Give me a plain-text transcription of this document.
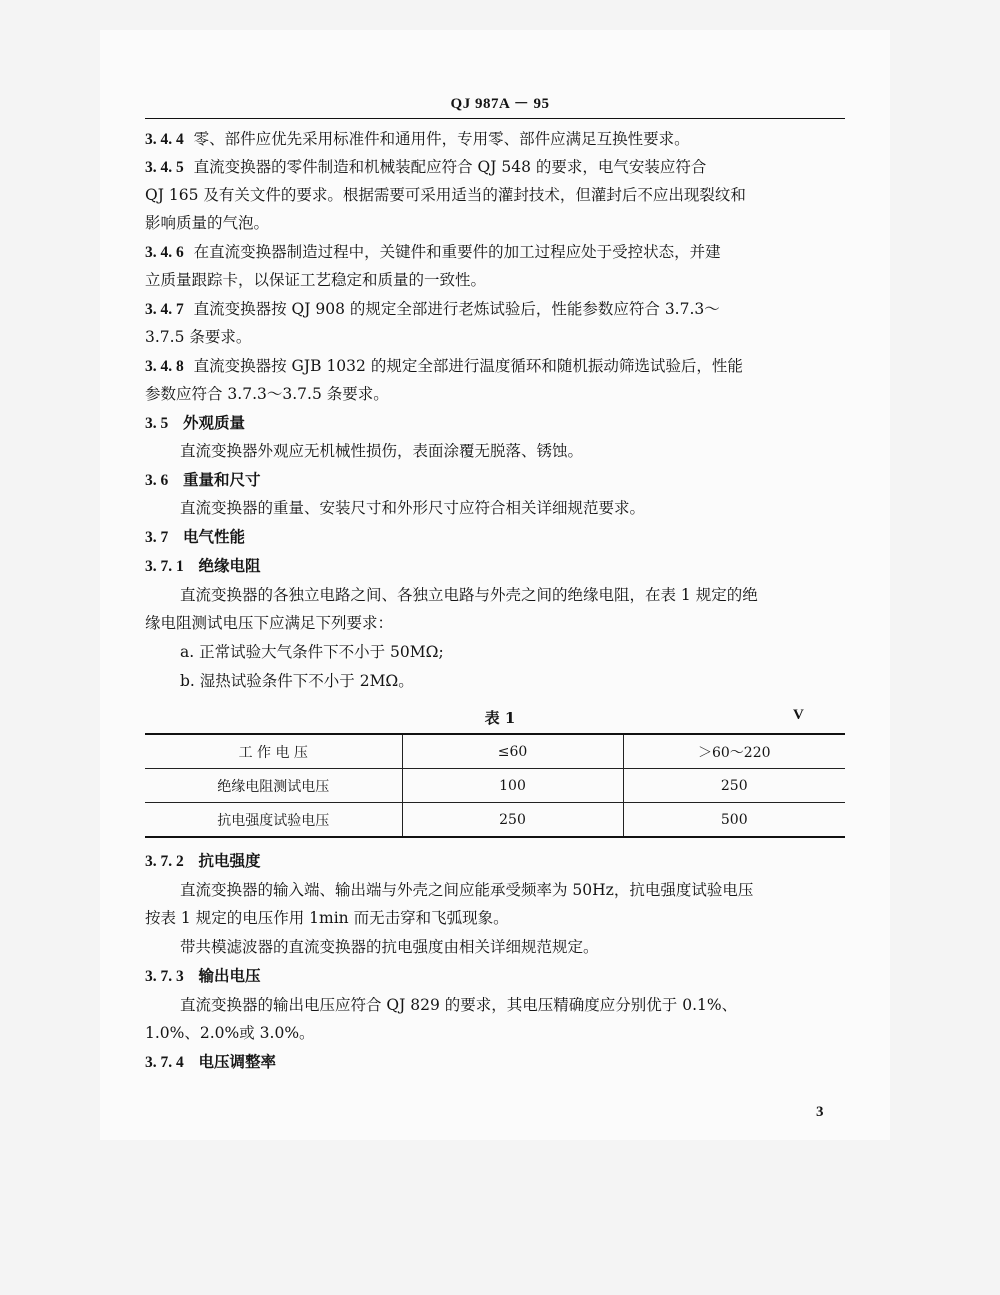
QJ 987A － 95
3. 4. 4 零、部件应优先采用标准件和通用件，专用零、部件应满足互换性要求。
3. 4. 5 直流变换器的零件制造和机械装配应符合 QJ 548 的要求，电气安装应符合
QJ 165 及有关文件的要求。根据需要可采用适当的灌封技术，但灌封后不应出现裂纹和
影响质量的气泡。
3. 4. 6 在直流变换器制造过程中，关键件和重要件的加工过程应处于受控状态，并建
立质量跟踪卡，以保证工艺稳定和质量的一致性。
3. 4. 7 直流变换器按 QJ 908 的规定全部进行老炼试验后，性能参数应符合 3.7.3～
3.7.5 条要求。
3. 4. 8 直流变换器按 GJB 1032 的规定全部进行温度循环和随机振动筛选试验后，性能
参数应符合 3.7.3～3.7.5 条要求。
3. 5 外观质量
直流变换器外观应无机械性损伤，表面涂覆无脱落、锈蚀。
3. 6 重量和尺寸
直流变换器的重量、安装尺寸和外形尺寸应符合相关详细规范要求。
3. 7 电气性能
3. 7. 1 绝缘电阻
直流变换器的各独立电路之间、各独立电路与外壳之间的绝缘电阻，在表 1 规定的绝
缘电阻测试电压下应满足下列要求：
a. 正常试验大气条件下不小于 50MΩ;
b. 湿热试验条件下不小于 2MΩ。
表 1	V
工 作 电 压	≤60	＞60～220
绝缘电阻测试电压	100	250
抗电强度试验电压	250	500
3. 7. 2 抗电强度
直流变换器的输入端、输出端与外壳之间应能承受频率为 50Hz，抗电强度试验电压
按表 1 规定的电压作用 1min 而无击穿和飞弧现象。
带共模滤波器的直流变换器的抗电强度由相关详细规范规定。
3. 7. 3 输出电压
直流变换器的输出电压应符合 QJ 829 的要求，其电压精确度应分别优于 0.1%、
1.0%、2.0%或 3.0%。
3. 7. 4 电压调整率
3
